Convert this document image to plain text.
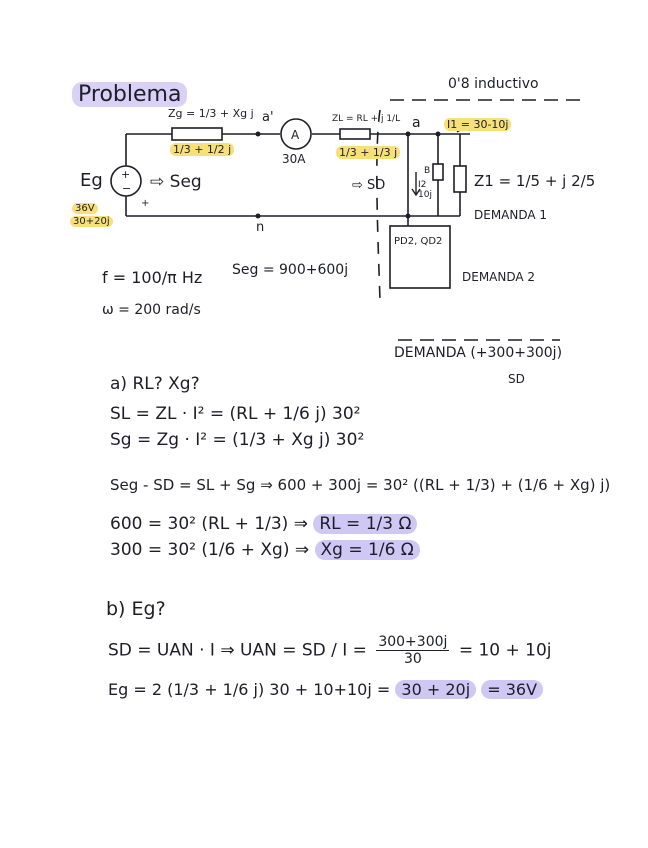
Problema	0'8 inductivo
+
−
A
Zg = 1/3 + Xg j a'
1/3 + 1/2 j
30A
ZL = RL + j 1/L
1/3 + 1/3 j
a I1 = 30-10j
Z1 = 1/5 + j 2/5
B
I2 10j
⇨ SD
Eg	⇨ Seg
36V
30+20j
+
n
PD2, QD2
DEMANDA 1
DEMANDA 2
f = 100/π Hz
ω = 200 rad/s
Seg = 900+600j
DEMANDA (+300+300j)
SD
a) RL? Xg?
SL = ZL · I² = (RL + 1/6 j) 30²
Sg = Zg · I² = (1/3 + Xg j) 30²
Seg - SD = SL + Sg ⇒ 600 + 300j = 30² ((RL + 1/3) + (1/6 + Xg) j)
600 = 30² (RL + 1/3) ⇒ RL = 1/3 Ω
300 = 30² (1/6 + Xg) ⇒ Xg = 1/6 Ω
b) Eg?
SD = UAN · I ⇒ UAN = SD / $I = \frac{300+300j}{30} = 10 + 10j$
Eg = 2 (1/3 + 1/6 j) 30 + 10+10j = 30 + 20j = 36V
